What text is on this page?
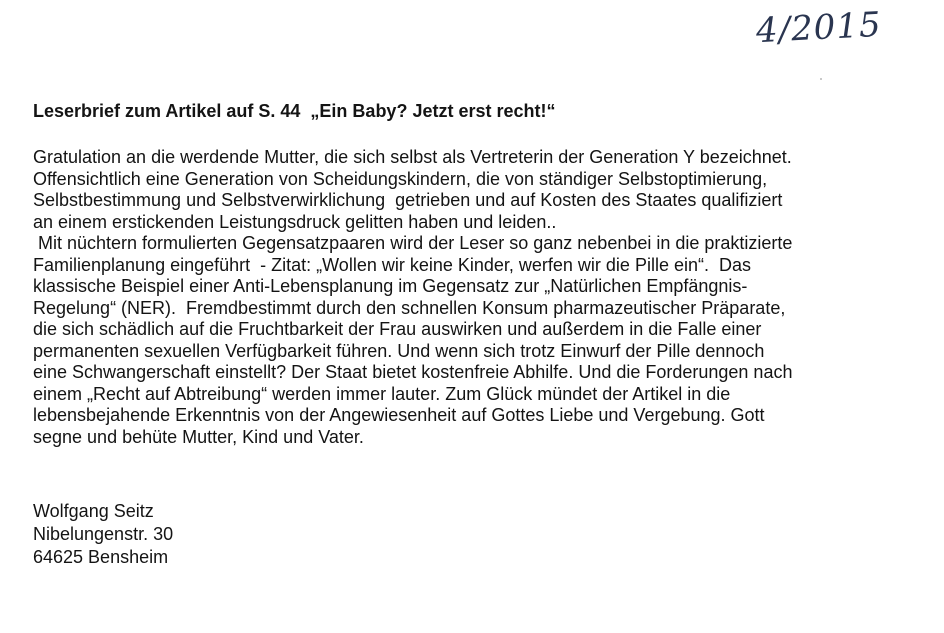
4/2015
Leserbrief zum Artikel auf S. 44  „Ein Baby? Jetzt erst recht!“
Gratulation an die werdende Mutter, die sich selbst als Vertreterin der Generation Y bezeichnet.
Offensichtlich eine Generation von Scheidungskindern, die von ständiger Selbstoptimierung,
Selbstbestimmung und Selbstverwirklichung  getrieben und auf Kosten des Staates qualifiziert
an einem erstickenden Leistungsdruck gelitten haben und leiden..
Mit nüchtern formulierten Gegensatzpaaren wird der Leser so ganz nebenbei in die praktizierte
Familienplanung eingeführt  - Zitat: „Wollen wir keine Kinder, werfen wir die Pille ein“.  Das
klassische Beispiel einer Anti-Lebensplanung im Gegensatz zur „Natürlichen Empfängnis-
Regelung“ (NER).  Fremdbestimmt durch den schnellen Konsum pharmazeutischer Präparate,
die sich schädlich auf die Fruchtbarkeit der Frau auswirken und außerdem in die Falle einer
permanenten sexuellen Verfügbarkeit führen. Und wenn sich trotz Einwurf der Pille dennoch
eine Schwangerschaft einstellt? Der Staat bietet kostenfreie Abhilfe. Und die Forderungen nach
einem „Recht auf Abtreibung“ werden immer lauter. Zum Glück mündet der Artikel in die
lebensbejahende Erkenntnis von der Angewiesenheit auf Gottes Liebe und Vergebung. Gott
segne und behüte Mutter, Kind und Vater.
Wolfgang Seitz
Nibelungenstr. 30
64625 Bensheim
